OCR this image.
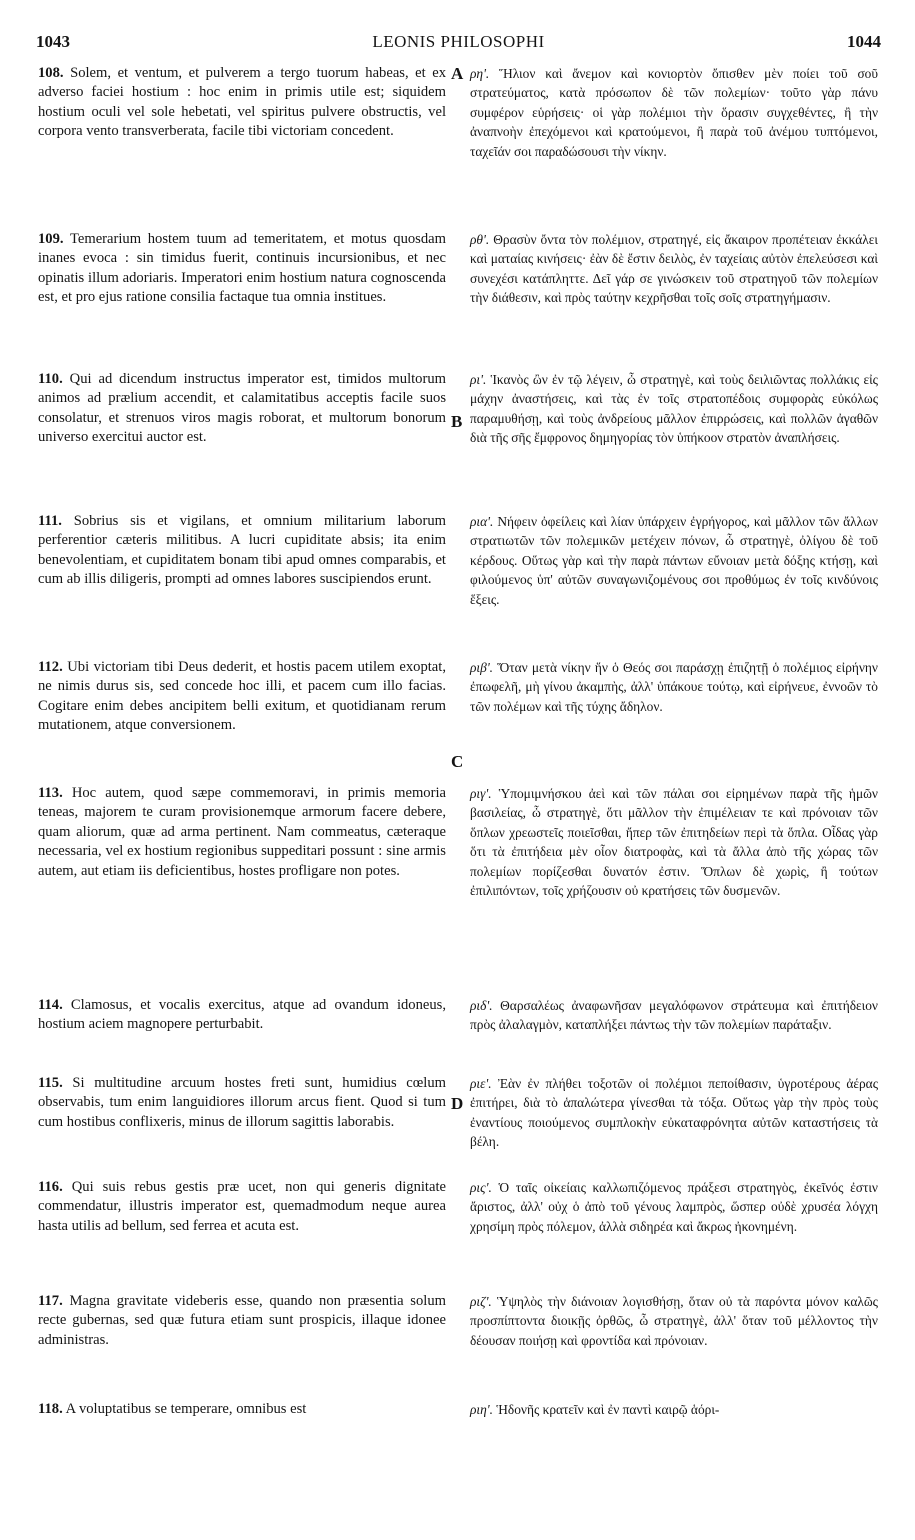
1043	LEONIS PHILOSOPHI	1044
A
B
C
D
108. Solem, et ventum, et pulverem a tergo tuorum habeas, et ex adverso faciei hostium : hoc enim in primis utile est; siquidem hostium oculi vel sole hebetati, vel spiritus pulvere obstructis, vel corpora vento transverberata, facile tibi victoriam concedent.
109. Temerarium hostem tuum ad temeritatem, et motus quosdam inanes evoca : sin timidus fuerit, continuis incursionibus, et nec opinatis illum adoriaris. Imperatori enim hostium natura cognoscenda est, et pro ejus ratione consilia factaque tua omnia institues.
110. Qui ad dicendum instructus imperator est, timidos multorum animos ad prælium accendit, et calamitatibus acceptis facile suos consolatur, et strenuos viros magis roborat, et multorum bonorum universo exercitui auctor est.
111. Sobrius sis et vigilans, et omnium militarium laborum perferentior cæteris militibus. A lucri cupiditate absis; ita enim benevolentiam, et cupiditatem bonam tibi apud omnes comparabis, et cum ab illis diligeris, prompti ad omnes labores suscipiendos erunt.
112. Ubi victoriam tibi Deus dederit, et hostis pacem utilem exoptat, ne nimis durus sis, sed concede hoc illi, et pacem cum illo facias. Cogitare enim debes ancipitem belli exitum, et quotidianam rerum mutationem, atque conversionem.
113. Hoc autem, quod sæpe commemoravi, in primis memoria teneas, majorem te curam provisionemque armorum facere debere, quam aliorum, quæ ad arma pertinent. Nam commeatus, cæteraque necessaria, vel ex hostium regionibus suppeditari possunt : sine armis autem, aut etiam iis deficientibus, hostes profligare non potes.
114. Clamosus, et vocalis exercitus, atque ad ovandum idoneus, hostium aciem magnopere perturbabit.
115. Si multitudine arcuum hostes freti sunt, humidius cœlum observabis, tum enim languidiores illorum arcus fient. Quod si tum cum hostibus conflixeris, minus de illorum sagittis laborabis.
116. Qui suis rebus gestis præ ucet, non qui generis dignitate commendatur, illustris imperator est, quemadmodum neque aurea hasta utilis ad bellum, sed ferrea et acuta est.
117. Magna gravitate videberis esse, quando non præsentia solum recte gubernas, sed quæ futura etiam sunt prospicis, illaque idonee administras.
118. A voluptatibus se temperare, omnibus est
ρη'. Ἥλιον καὶ ἄνεμον καὶ κονιορτὸν ὄπισθεν μὲν ποίει τοῦ σοῦ στρατεύματος, κατὰ πρόσωπον δὲ τῶν πολεμίων· τοῦτο γὰρ πάνυ συμφέρον εὑρήσεις· οἱ γὰρ πολέμιοι τὴν ὅρασιν συγχεθέντες, ἢ τὴν ἀναπνοὴν ἐπεχόμενοι καὶ κρατούμενοι, ἢ παρὰ τοῦ ἀνέμου τυπτόμενοι, ταχεῖάν σοι παραδώσουσι τὴν νίκην.
ρθ'. Θρασὺν ὄντα τὸν πολέμιον, στρατηγέ, εἰς ἄκαιρον προπέτειαν ἐκκάλει καὶ ματαίας κινήσεις· ἐὰν δὲ ἔστιν δειλὸς, ἐν ταχείαις αὐτὸν ἐπελεύσεσι καὶ συνεχέσι κατάπληττε. Δεῖ γάρ σε γινώσκειν τοῦ στρατηγοῦ τῶν πολεμίων τὴν διάθεσιν, καὶ πρὸς ταύτην κεχρῆσθαι τοῖς σοῖς στρατηγήμασιν.
ρι'. Ἱκανὸς ὢν ἐν τῷ λέγειν, ὦ στρατηγὲ, καὶ τοὺς δειλιῶντας πολλάκις εἰς μάχην ἀναστήσεις, καὶ τὰς ἐν τοῖς στρατοπέδοις συμφορὰς εὐκόλως παραμυθήσῃ, καὶ τοὺς ἀνδρείους μᾶλλον ἐπιρρώσεις, καὶ πολλῶν ἀγαθῶν διὰ τῆς σῆς ἔμφρονος δημηγορίας τὸν ὑπήκοον στρατὸν ἀναπλήσεις.
ρια'. Νήφειν ὀφείλεις καὶ λίαν ὑπάρχειν ἐγρήγορος, καὶ μᾶλλον τῶν ἄλλων στρατιωτῶν τῶν πολεμικῶν μετέχειν πόνων, ὦ στρατηγὲ, ὀλίγου δὲ τοῦ κέρδους. Οὕτως γὰρ καὶ τὴν παρὰ πάντων εὔνοιαν μετὰ δόξης κτήσῃ, καὶ φιλούμενος ὑπ' αὐτῶν συναγωνιζομένους σοι προθύμως ἐν τοῖς κινδύνοις ἕξεις.
ριβ'. Ὅταν μετὰ νίκην ἥν ὁ Θεός σοι παράσχῃ ἐπιζητῇ ὁ πολέμιος εἰρήνην ἐπωφελῆ, μὴ γίνου ἀκαμπὴς, ἀλλ' ὑπάκουε τούτῳ, καὶ εἰρήνευε, ἐννοῶν τὸ τῶν πολέμων καὶ τῆς τύχης ἄδηλον.
ριγ'. Ὑπομιμνήσκου ἀεὶ καὶ τῶν πάλαι σοι εἰρημένων παρὰ τῆς ἡμῶν βασιλείας, ὦ στρατηγὲ, ὅτι μᾶλλον τὴν ἐπιμέλειαν τε καὶ πρόνοιαν τῶν ὅπλων χρεωστεῖς ποιεῖσθαι, ἤπερ τῶν ἐπιτηδείων περὶ τὰ ὅπλα. Οἶδας γὰρ ὅτι τὰ ἐπιτήδεια μὲν οἷον διατροφὰς, καὶ τὰ ἄλλα ἀπὸ τῆς χώρας τῶν πολεμίων πορίζεσθαι δυνατόν ἐστιν. Ὅπλων δὲ χωρὶς, ἢ τούτων ἐπιλιπόντων, τοῖς χρήζουσιν οὐ κρατήσεις τῶν δυσμενῶν.
ριδ'. Θαρσαλέως ἀναφωνῆσαν μεγαλόφωνον στράτευμα καὶ ἐπιτήδειον πρὸς ἀλαλαγμὸν, καταπλήξει πάντως τὴν τῶν πολεμίων παράταξιν.
ριε'. Ἐὰν ἐν πλήθει τοξοτῶν οἱ πολέμιοι πεποίθασιν, ὑγροτέρους ἀέρας ἐπιτήρει, διὰ τὸ ἁπαλώτερα γίνεσθαι τὰ τόξα. Οὕτως γὰρ τὴν πρὸς τοὺς ἐναντίους ποιούμενος συμπλοκὴν εὐκαταφρόνητα αὐτῶν καταστήσεις τὰ βέλη.
ρις'. Ὁ ταῖς οἰκείαις καλλωπιζόμενος πράξεσι στρατηγὸς, ἐκεῖνός ἐστιν ἄριστος, ἀλλ' οὐχ ὁ ἀπὸ τοῦ γένους λαμπρὸς, ὥσπερ οὐδὲ χρυσέα λόγχη χρησίμη πρὸς πόλεμον, ἀλλὰ σιδηρέα καὶ ἄκρως ἠκονημένη.
ριζ'. Ὑψηλὸς τὴν διάνοιαν λογισθήσῃ, ὅταν οὐ τὰ παρόντα μόνον καλῶς προσπίπτοντα διοικῇς ὀρθῶς, ὦ στρατηγὲ, ἀλλ' ὅταν τοῦ μέλλοντος τὴν δέουσαν ποιήσῃ καὶ φροντίδα καὶ πρόνοιαν.
ριη'. Ἡδονῆς κρατεῖν καὶ ἐν παντὶ καιρῷ ἁόρι-
